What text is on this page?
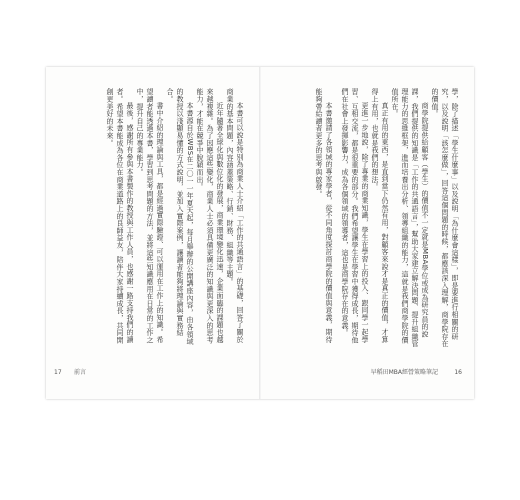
本書可以說是特別為商業人士介紹「工作的共通語言」的基礎，回答了關於商業的基本問題，內容涵蓋策略、行銷、財務、組織等主題。

近年隨著全球化與數位化的發展，商業環境變化迅速，企業面臨的課題也越來越複雜。為了因應這些變化，商業人士必須具備更廣泛的知識與更深入的思考能力，才能在競爭中脫穎而出。

本書源自於WBS在二〇一一年夏天起，每月舉辦的公開講座內容，由各領域的教授以淺顯易懂的方式說明，並加入實際案例，讓讀者能夠將理論與實務結合。

書中介紹的理論與工具，都是經過實際驗證、可以運用在工作上的知識。希望讀者能透過本書，學習到思考問題的方法，並將這些知識應用在日常的工作之中，提升自己的專業能力。

最後，感謝所有參與本書製作的教授與工作人員，也感謝一路支持我們的讀者。希望本書能成為各位在商業道路上的良師益友，陪伴大家持續成長，共同開創更美好的未來。

17 前言

學，除了描述「學生什麼事」以及說明「為什麼會這樣」，即是要進行相關的研究，以及說明「該怎麼做」，回答這個問題的時候，都應該深入理解，商學院存在的價值。

商學院提供給顧客（學生）的價值不一定就是MBA學位或成為研究員的說課，我們提供的知識是「工作的共通語言」，幫助大家建立解決問題、提升組織管理能力的思維框架，進而培養出分析、領導組織的能力，這就是我們商學院的價值所在。

真正有用的東西，是直到當下仍然有用，對顧客來說才是真正的價值，才算得上有用，也就是我們的想法。

更進一步地說，除了專業的商業知識，學生在學習上的投入、跟同學一起學習、互相交流，都是很重要的部分。我們希望讓學生在學習中獲得成長，期待他們在社會上發揮影響力，成為各個領域的領導者，這也是商學院存在的意義。

本書邀請了各領域的專家學者，從不同角度探討商學院的價值與意義，期待能夠帶給讀者更多的思考與啟發。

早稻田MBA經營策略筆記	16
